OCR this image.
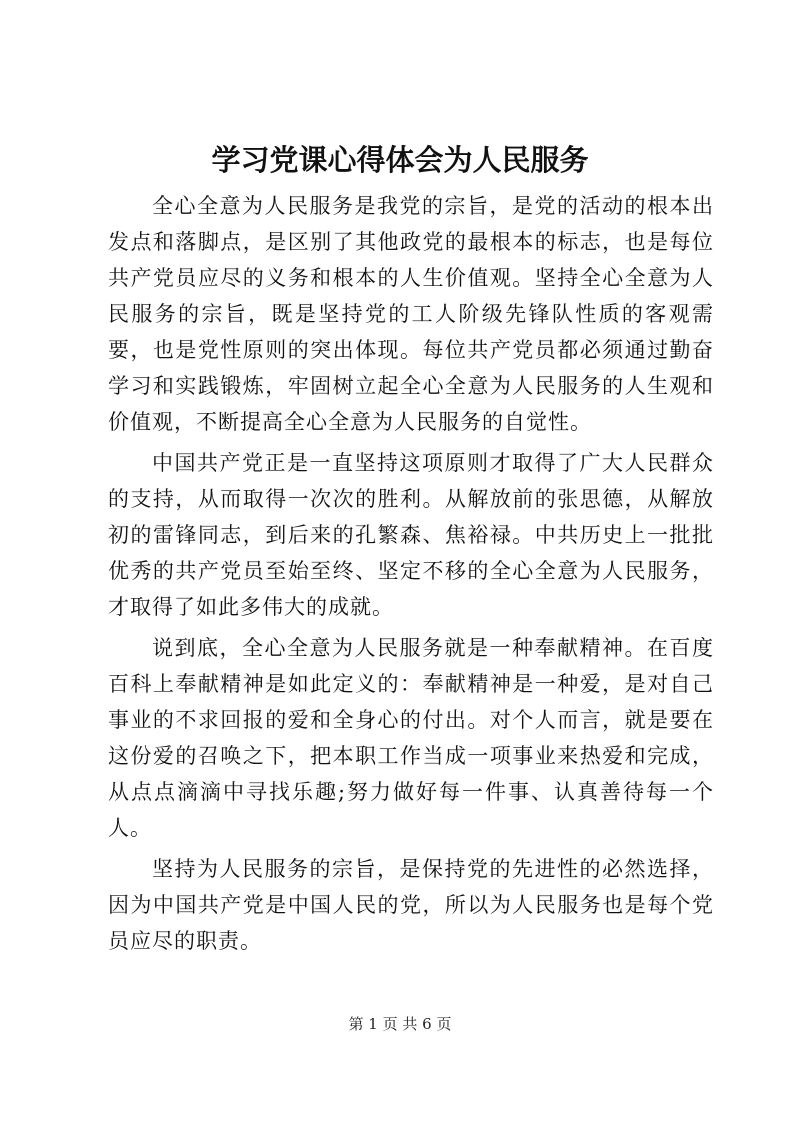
学习党课心得体会为人民服务

全心全意为人民服务是我党的宗旨，是党的活动的根本出发点和落脚点，是区别了其他政党的最根本的标志，也是每位共产党员应尽的义务和根本的人生价值观。坚持全心全意为人民服务的宗旨，既是坚持党的工人阶级先锋队性质的客观需要，也是党性原则的突出体现。每位共产党员都必须通过勤奋学习和实践锻炼，牢固树立起全心全意为人民服务的人生观和价值观，不断提高全心全意为人民服务的自觉性。

中国共产党正是一直坚持这项原则才取得了广大人民群众的支持，从而取得一次次的胜利。从解放前的张思德，从解放初的雷锋同志，到后来的孔繁森、焦裕禄。中共历史上一批批优秀的共产党员至始至终、坚定不移的全心全意为人民服务，才取得了如此多伟大的成就。

说到底，全心全意为人民服务就是一种奉献精神。在百度百科上奉献精神是如此定义的：奉献精神是一种爱，是对自己事业的不求回报的爱和全身心的付出。对个人而言，就是要在这份爱的召唤之下，把本职工作当成一项事业来热爱和完成，从点点滴滴中寻找乐趣;努力做好每一件事、认真善待每一个人。

坚持为人民服务的宗旨，是保持党的先进性的必然选择，因为中国共产党是中国人民的党，所以为人民服务也是每个党员应尽的职责。

第 1 页 共 6 页
